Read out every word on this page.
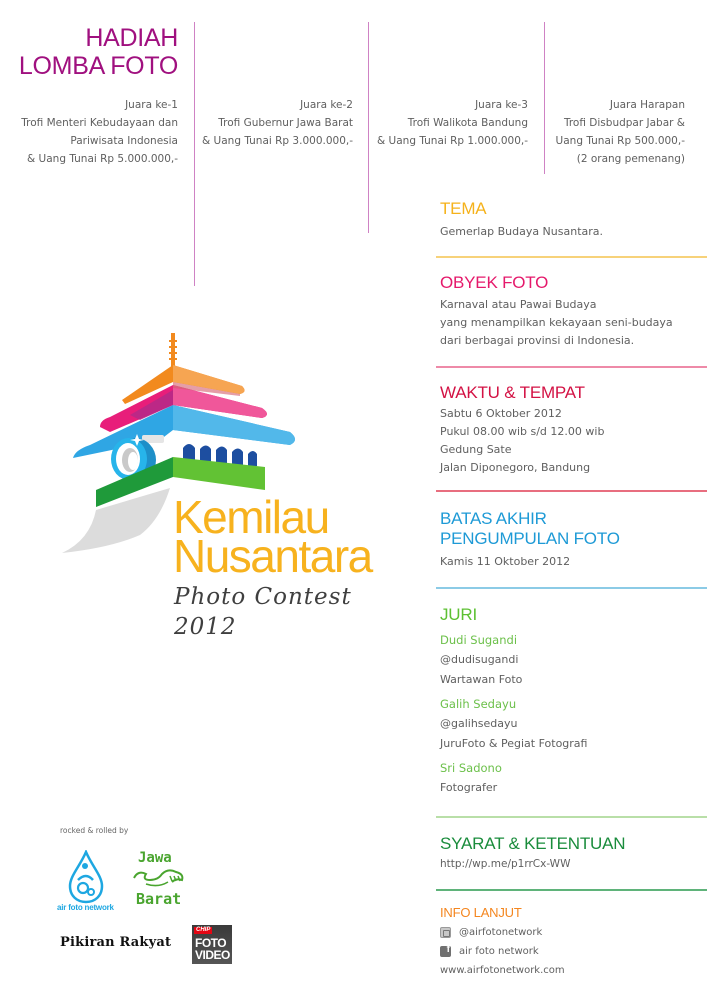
HADIAH
LOMBA FOTO
Juara ke-1
Trofi Menteri Kebudayaan dan
Pariwisata Indonesia
& Uang Tunai Rp 5.000.000,-
Juara ke-2
Trofi Gubernur Jawa Barat
& Uang Tunai Rp 3.000.000,-
Juara ke-3
Trofi Walikota Bandung
& Uang Tunai Rp 1.000.000,-
Juara Harapan
Trofi Disbudpar Jabar &
Uang Tunai Rp 500.000,-
(2 orang pemenang)
Kemilau
Nusantara
Photo Contest
2012
TEMA
Gemerlap Budaya Nusantara.
OBYEK FOTO
Karnaval atau Pawai Budaya
yang menampilkan kekayaan seni-budaya
dari berbagai provinsi di Indonesia.
WAKTU & TEMPAT
Sabtu 6 Oktober 2012
Pukul 08.00 wib s/d 12.00 wib
Gedung Sate
Jalan Diponegoro, Bandung
BATAS AKHIR
PENGUMPULAN FOTO
Kamis 11 Oktober 2012
JURI
Dudi Sugandi
@dudisugandi
Wartawan Foto
Galih Sedayu
@galihsedayu
JuruFoto & Pegiat Fotografi
Sri Sadono
Fotografer
SYARAT & KETENTUAN
http://wp.me/p1rrCx-WW
INFO LANJUT
@airfotonetwork
f
air foto network
www.airfotonetwork.com
rocked & rolled by
air foto network
Jawa
Barat
Pikiran Rakyat
CHIP
FOTO
VIDEO
